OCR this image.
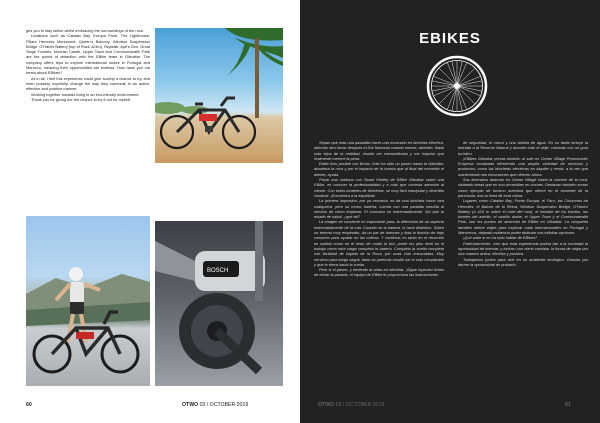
ges you to stay active whilst embracing the surroundings of the rock.

Locations such as Catalan Bay, Europa Point, The Lighthouse, Pillars Hercules Monument, Queen's Balcony, Windsor Suspension Bridge, O'Hara's Battery (top of Rock 424m), Skywalk, Ape's Den, Great Siege Tunnels, Moorish Castle, Upper Town and Commonwealth Park are the points of attraction with the EBike team in Gibraltar. The company offers trips to explore international routes in Portugal and Morocco, meaning their opportunities are endless. How have you not heard about EBikes?

All in all, I feel this experience could give society a chance to try, and even possibly hopefully, change the way they commute in an active, effective and positive manner.

Working together towards living in an eco-friendly environment.

Thank you for giving me the chance to try it out for myself.

BOSCH
60	OTWO 03 / OCTOBER 2019
EBIKES

Sepan que esta una pasadilla hacer una excursión en bicicleta eléctrica, además otra horas después el Día Nacional cuando menos, atrevido. Nada más lejos de la realidad, resultó ser extraordinario y me impulsó que realmente merece la pena.

Ebike hizo posible con Bruno Ortiz ha sido un paseo hasta la Gibraltar, atraviesa la roca y por el impacto de la cuesta que al final del recorrido el aliento, ayuda.

Pasar una mañana con Stuart Hedley de EBike Gibraltar sobre una EBike, es conocer la profesionalidad y a más que corresta atención al cliente. Con estos modelos de bicicletas, se muy fácil manipular y divertido conducir. ¡Encuentra a la española!

La primera impresión, por ya cercanía, es de una bicicleta como otra cualquiera, pero su motor, batería, cuenta con una pantalla sencilla al servicio de cómo empezar. El consumo es extremadamente. Sin que tu estado de salud, ¿qué tal?

La imagen se convierte en importante para, la diferencia de un aspecto extremadamente de la ruta. Cuando en la trasera, lo hace distintivo. Sobre un terreno muy empinado, da un par de botones y lista la función de bajo consumo para ayudar en las colinas. Y continúa; es tanto en el recorrido en subida como en el resto de modo la bici, ponte los pies nivel en el trabajo como esta carga completa la batería. Completa la vuelta completa con facilidad de bajada de la Roca, por unas vías ensuciadas. Muy nervioso para luego seguir, tanto su potencia resultó ser lo más complicado y que lo eleva hacia la vuelta.

Pero si el paseo, y teniendo la visita en bicicleta. ¡Sigue leyendo! Antes de iniciar la pasada, el equipo de EBike te proporciona las instrucciones

de seguridad, el casco y una botella de agua. En su tarifa incluye la entrada a la Reserva Natural y durante todo el viaje, contarás con un guía turístico.

¡EBikes Gibraltar presta también al sale en Ocean Village Promenade! Empresa localizada ofreciendo una amplia variedad de servicios y productos, como las bicicletas eléctricas en alquiler y venta, a la vez que manteniendo tan excursiones que ofrecen ahora.

Sus itinerarios abarcan en Ocean Village hasta la cumbre de la roca, visitando áreas que no son accesibles en coches. Destacan también zonas como ejemplo de turismo aventura que ofrece en el noroeste de la península, tras la línea de esta colina.

Lugares como Catalan Bay, Punta Europa, el Faro, las Columnas de Hércules, el Balcón de la Reina, Windsor Suspension Bridge, O'Hara's Battery (a 424 m sobre el nivel del mar), el mirador de los fuertes, los túneles del asedio, el castillo árabe, el Upper Town y el Commonwealth Park, son los puntos de atracción de EBike en Gibraltar. La compañía también ofrece viajes para explorar rutas internacionales en Portugal y Marruecos, dejando evidencia poder disfrutar con infinitas opciones.

¡Qué sabe si no ha oído hablar de EBikes?

Particularmente, creo que esta experiencia podría dar a la sociedad la oportunidad de intentar, y incluso con cierto cambiar, la forma de viajar por una manera activa, efectiva y positiva.

Trabajamos juntos para vivir en un ambiente ecológico. Gracias por darme la oportunidad de probarlo.

OTWO 03 / OCTOBER 2019	61
